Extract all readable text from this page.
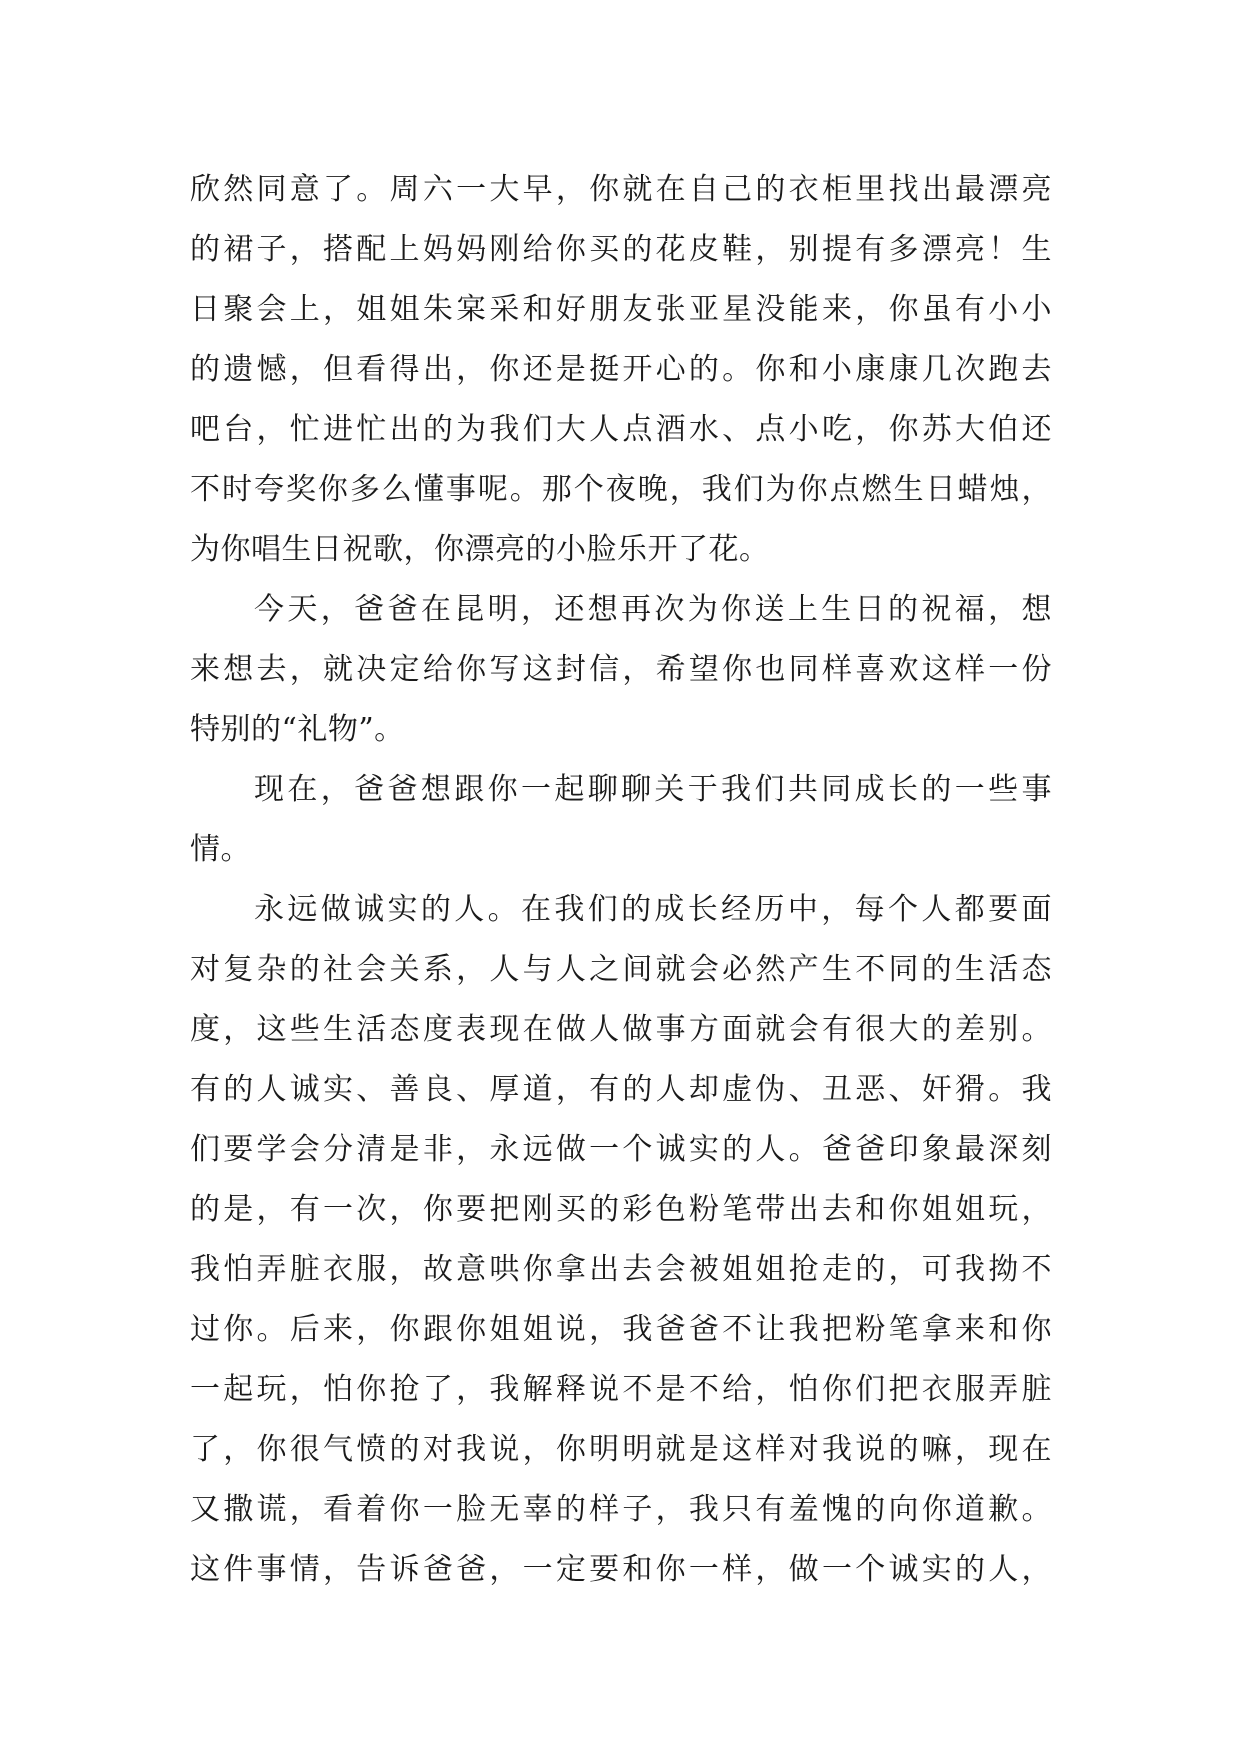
欣然同意了。周六一大早，你就在自己的衣柜里找出最漂亮
的裙子，搭配上妈妈刚给你买的花皮鞋，别提有多漂亮！生
日聚会上，姐姐朱宲采和好朋友张亚星没能来，你虽有小小
的遗憾，但看得出，你还是挺开心的。你和小康康几次跑去
吧台，忙进忙出的为我们大人点酒水、点小吃，你苏大伯还
不时夸奖你多么懂事呢。那个夜晚，我们为你点燃生日蜡烛，
为你唱生日祝歌，你漂亮的小脸乐开了花。
今天，爸爸在昆明，还想再次为你送上生日的祝福，想
来想去，就决定给你写这封信，希望你也同样喜欢这样一份
特别的“礼物”。
现在，爸爸想跟你一起聊聊关于我们共同成长的一些事
情。
永远做诚实的人。在我们的成长经历中，每个人都要面
对复杂的社会关系，人与人之间就会必然产生不同的生活态
度，这些生活态度表现在做人做事方面就会有很大的差别。
有的人诚实、善良、厚道，有的人却虚伪、丑恶、奸猾。我
们要学会分清是非，永远做一个诚实的人。爸爸印象最深刻
的是，有一次，你要把刚买的彩色粉笔带出去和你姐姐玩，
我怕弄脏衣服，故意哄你拿出去会被姐姐抢走的，可我拗不
过你。后来，你跟你姐姐说，我爸爸不让我把粉笔拿来和你
一起玩，怕你抢了，我解释说不是不给，怕你们把衣服弄脏
了，你很气愤的对我说，你明明就是这样对我说的嘛，现在
又撒谎，看着你一脸无辜的样子，我只有羞愧的向你道歉。
这件事情，告诉爸爸，一定要和你一样，做一个诚实的人，
